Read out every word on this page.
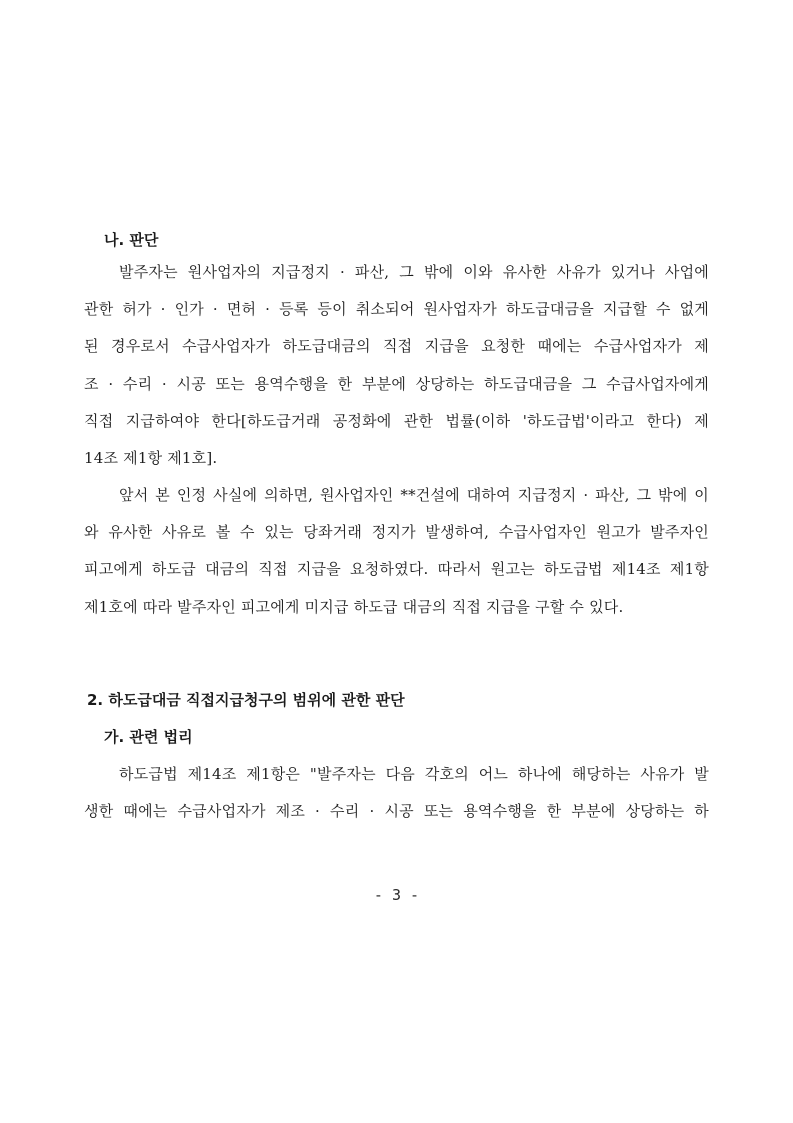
나. 판단
발주자는 원사업자의 지급정지 · 파산, 그 밖에 이와 유사한 사유가 있거나 사업에
관한 허가 · 인가 · 면허 · 등록 등이 취소되어 원사업자가 하도급대금을 지급할 수 없게
된 경우로서 수급사업자가 하도급대금의 직접 지급을 요청한 때에는 수급사업자가 제
조 · 수리 · 시공 또는 용역수행을 한 부분에 상당하는 하도급대금을 그 수급사업자에게
직접 지급하여야 한다[하도급거래 공정화에 관한 법률(이하 '하도급법'이라고 한다) 제
14조 제1항 제1호].
앞서 본 인정 사실에 의하면, 원사업자인 **건설에 대하여 지급정지 · 파산, 그 밖에 이
와 유사한 사유로 볼 수 있는 당좌거래 정지가 발생하여, 수급사업자인 원고가 발주자인
피고에게 하도급 대금의 직접 지급을 요청하였다. 따라서 원고는 하도급법 제14조 제1항
제1호에 따라 발주자인 피고에게 미지급 하도급 대금의 직접 지급을 구할 수 있다.
2. 하도급대금 직접지급청구의 범위에 관한 판단
가. 관련 법리
하도급법 제14조 제1항은 "발주자는 다음 각호의 어느 하나에 해당하는 사유가 발
생한 때에는 수급사업자가 제조 · 수리 · 시공 또는 용역수행을 한 부분에 상당하는 하
- 3 -
